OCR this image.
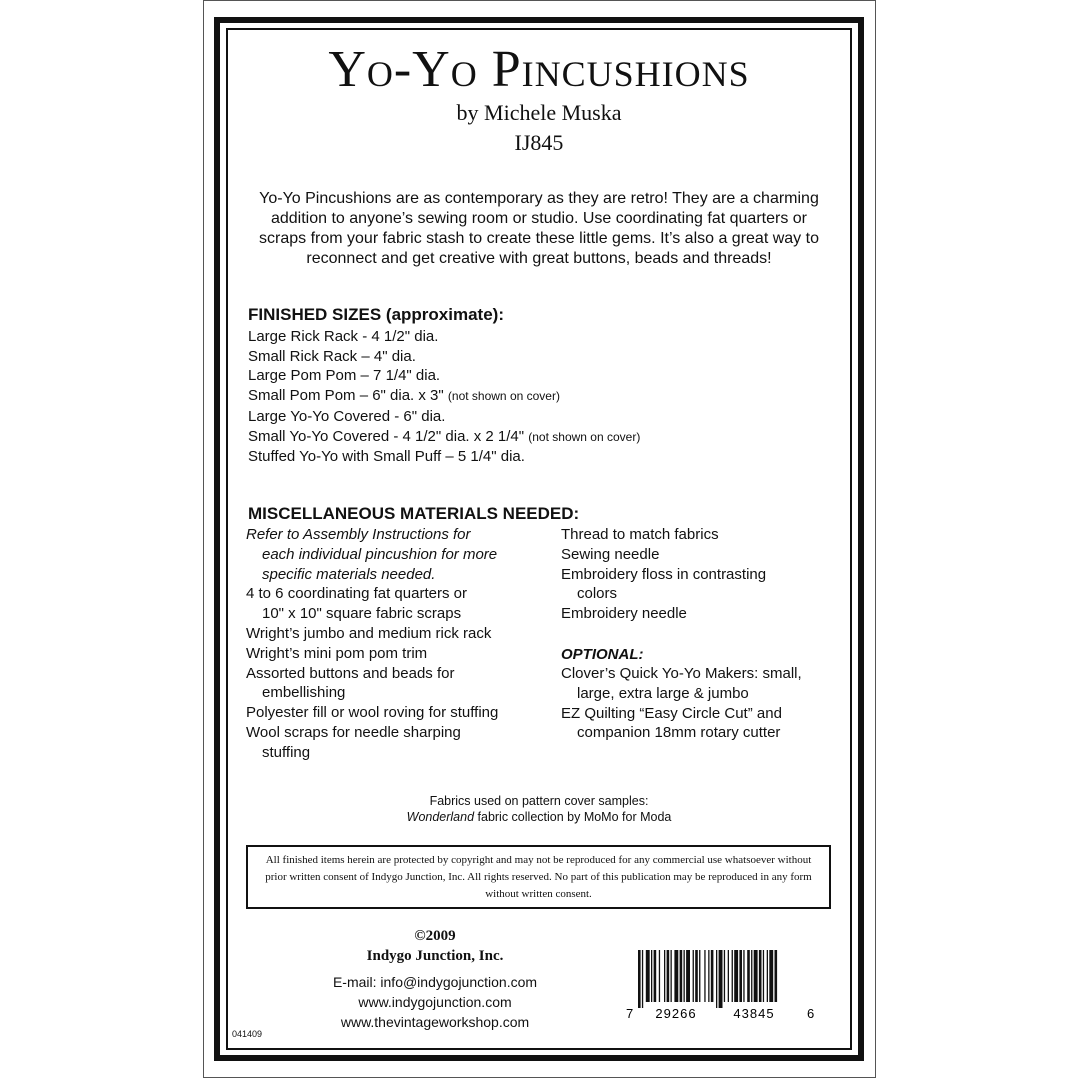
Yo-Yo Pincushions
by Michele Muska
IJ845
Yo-Yo Pincushions are as contemporary as they are retro! They are a charming addition to anyone’s sewing room or studio. Use coordinating fat quarters or scraps from your fabric stash to create these little gems. It’s also a great way to reconnect and get creative with great buttons, beads and threads!
FINISHED SIZES (approximate):
Large Rick Rack - 4 1/2" dia.
Small Rick Rack – 4" dia.
Large Pom Pom – 7 1/4" dia.
Small Pom Pom – 6" dia. x 3" (not shown on cover)
Large Yo-Yo Covered - 6" dia.
Small Yo-Yo Covered - 4 1/2" dia. x 2 1/4" (not shown on cover)
Stuffed Yo-Yo with Small Puff – 5 1/4" dia.
MISCELLANEOUS MATERIALS NEEDED:
Refer to Assembly Instructions for
each individual pincushion for more
specific materials needed.
4 to 6 coordinating fat quarters or
10" x 10" square fabric scraps
Wright’s jumbo and medium rick rack
Wright’s mini pom pom trim
Assorted buttons and beads for
embellishing
Polyester fill or wool roving for stuffing
Wool scraps for needle sharping
stuffing
Thread to match fabrics
Sewing needle
Embroidery floss in contrasting
colors
Embroidery needle
OPTIONAL:
Clover’s Quick Yo-Yo Makers: small,
large, extra large & jumbo
EZ Quilting “Easy Circle Cut” and
companion 18mm rotary cutter
Fabrics used on pattern cover samples:
Wonderland fabric collection by MoMo for Moda
All finished items herein are protected by copyright and may not be reproduced for any commercial use whatsoever without prior written consent of Indygo Junction, Inc. All rights reserved. No part of this publication may be reproduced in any form without written consent.
©2009
Indygo Junction, Inc.
E-mail: info@indygojunction.com
www.indygojunction.com
www.thevintageworkshop.com
041409
7 29266	43845 6
